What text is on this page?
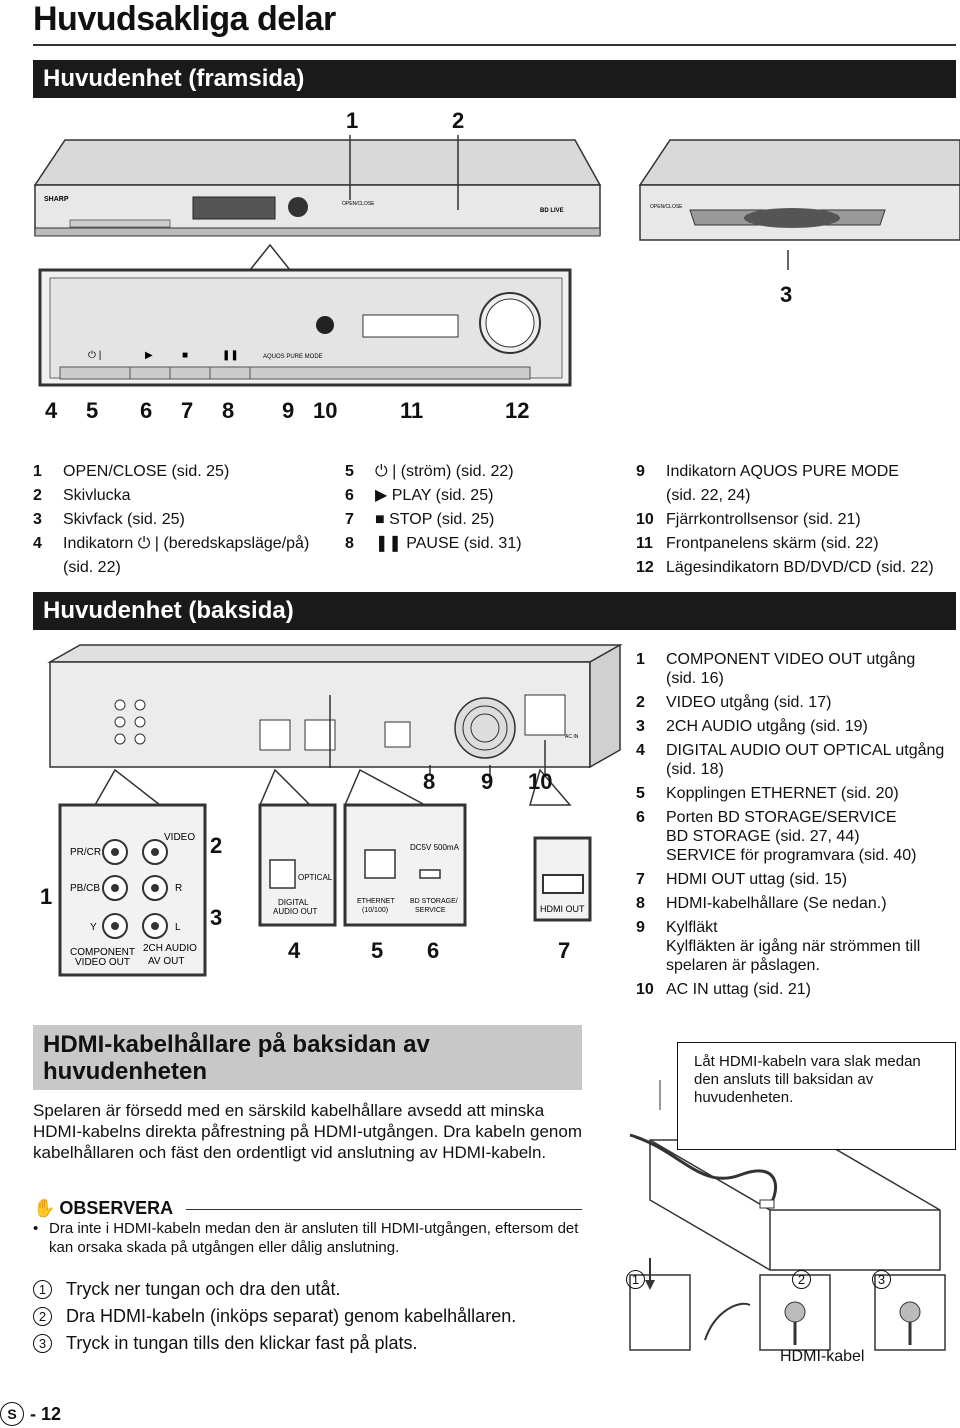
Huvudsakliga delar
Huvudenhet (framsida)
1	2
SHARP
OPEN/CLOSE
BD LIVE
OPEN/CLOSE
⏻ |	▶	■	❚❚	AQUOS PURE MODE
3
4 5 6 7 8 9 10	11	12
1	OPEN/CLOSE (sid. 25)
2	Skivlucka
3	Skivfack (sid. 25)
4	Indikatorn ⏻ | (beredskapsläge/på)
(sid. 22)
5	⏻ | (ström) (sid. 22)
6	▶ PLAY (sid. 25)
7	■ STOP (sid. 25)
8	❚❚ PAUSE (sid. 31)
9	Indikatorn AQUOS PURE MODE
(sid. 22, 24)
10 Fjärrkontrollsensor (sid. 21)
11 Frontpanelens skärm (sid. 22)
12 Lägesindikatorn BD/DVD/CD (sid. 22)
Huvudenhet (baksida)
PR/CR
PB/CB
Y
VIDEO
R
L
COMPONENT
VIDEO OUT
2CH AUDIO
AV OUT
OPTICAL
DIGITAL
AUDIO OUT
DC5V 500mA
ETHERNET
(10/100)
BD STORAGE/
SERVICE	HDMI OUT
AC IN
1
2
3
4	5 6	7
8 9 10
1	COMPONENT VIDEO OUT utgång
(sid. 16)
2	VIDEO utgång (sid. 17)
3	2CH AUDIO utgång (sid. 19)
4	DIGITAL AUDIO OUT OPTICAL utgång
(sid. 18)
5	Kopplingen ETHERNET (sid. 20)
6	Porten BD STORAGE/SERVICE
BD STORAGE (sid. 27, 44)
SERVICE för programvara (sid. 40)
7	HDMI OUT uttag (sid. 15)
8	HDMI-kabelhållare (Se nedan.)
9	Kylfläkt
Kylfläkten är igång när strömmen till
spelaren är påslagen.
10 AC IN uttag (sid. 21)
HDMI-kabelhållare på baksidan av huvudenheten
Spelaren är försedd med en särskild kabelhållare avsedd att minska HDMI-kabelns direkta påfrestning på HDMI-utgången. Dra kabeln genom kabelhållaren och fäst den ordentligt vid anslutning av HDMI-kabeln.
✋ OBSERVERA
• Dra inte i HDMI-kabeln medan den är ansluten till HDMI-utgången, eftersom det kan orsaka skada på utgången eller dålig anslutning.
1	Tryck ner tungan och dra den utåt.
2	Dra HDMI-kabeln (inköps separat) genom kabelhållaren.
3	Tryck in tungan tills den klickar fast på plats.
Låt HDMI-kabeln vara slak medan den ansluts till baksidan av huvudenheten.
1	2	3
HDMI-kabel
S - 12
